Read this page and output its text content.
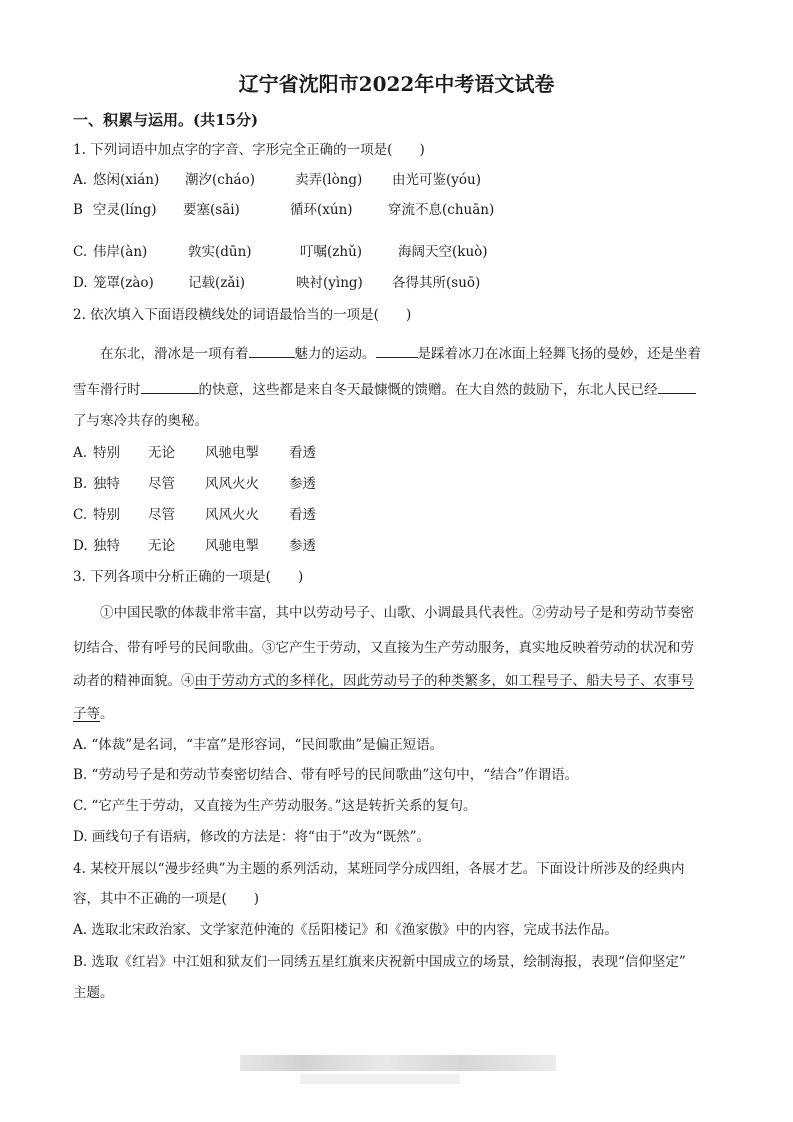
辽宁省沈阳市2022年中考语文试卷
一、积累与运用。(共15分)
1. 下列词语中加点字的字音、字形完全正确的一项是(　　)
A. 悠闲(xián) 潮汐(cháo)	卖弄(lòng) 由光可鉴(yóu)
B 空灵(líng) 要塞(sāi)	循环(xún)	穿流不息(chuān)
C. 伟岸(àn)	敦实(dūn)	叮嘱(zhǔ)	海阔天空(kuò)
D. 笼罩(zào)	记载(zǎi)	映衬(yìng) 各得其所(suō)
2. 依次填入下面语段横线处的词语最恰当的一项是(　　)
在东北，滑冰是一项有着	魅力的运动。	是踩着冰刀在冰面上轻舞飞扬的曼妙，还是坐着
雪车滑行时	的快意，这些都是来自冬天最慷慨的馈赠。在大自然的鼓励下，东北人民已经
了与寒冷共存的奥秘。
A. 特别 无论 风驰电掣 看透
B. 独特 尽管 风风火火 参透
C. 特别 尽管 风风火火 看透
D. 独特 无论 风驰电掣 参透
3. 下列各项中分析正确的一项是(　　)
①中国民歌的体裁非常丰富，其中以劳动号子、山歌、小调最具代表性。②劳动号子是和劳动节奏密
切结合、带有呼号的民间歌曲。③它产生于劳动，又直接为生产劳动服务，真实地反映着劳动的状况和劳
动者的精神面貌。④由于劳动方式的多样化，因此劳动号子的种类繁多，如工程号子、船夫号子、农事号
子等。
A. “体裁”是名词，“丰富”是形容词，“民间歌曲”是偏正短语。
B. “劳动号子是和劳动节奏密切结合、带有呼号的民间歌曲”这句中，“结合”作谓语。
C. “它产生于劳动，又直接为生产劳动服务。”这是转折关系的复句。
D. 画线句子有语病，修改的方法是：将“由于”改为“既然”。
4. 某校开展以“漫步经典”为主题的系列活动，某班同学分成四组，各展才艺。下面设计所涉及的经典内
容，其中不正确的一项是(　　)
A. 选取北宋政治家、文学家范仲淹的《岳阳楼记》和《渔家傲》中的内容，完成书法作品。
B. 选取《红岩》中江姐和狱友们一同绣五星红旗来庆祝新中国成立的场景，绘制海报，表现“信仰坚定”
主题。
